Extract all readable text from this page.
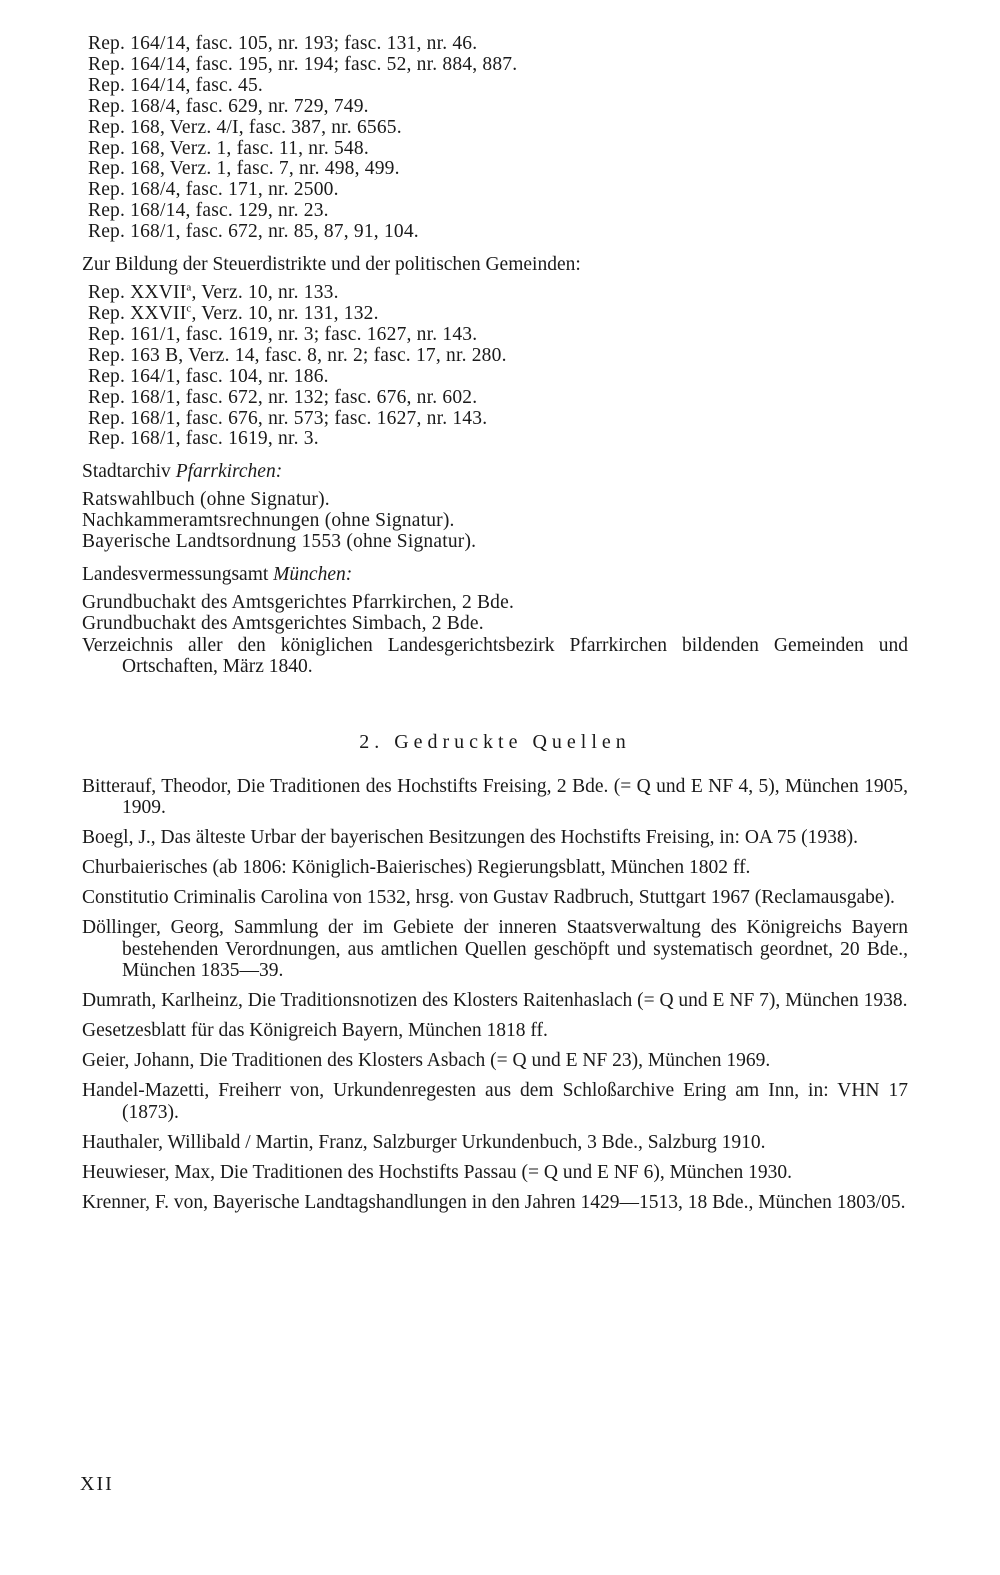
Rep. 164/14, fasc. 105, nr. 193; fasc. 131, nr. 46.
Rep. 164/14, fasc. 195, nr. 194; fasc. 52, nr. 884, 887.
Rep. 164/14, fasc. 45.
Rep. 168/4, fasc. 629, nr. 729, 749.
Rep. 168, Verz. 4/I, fasc. 387, nr. 6565.
Rep. 168, Verz. 1, fasc. 11, nr. 548.
Rep. 168, Verz. 1, fasc. 7, nr. 498, 499.
Rep. 168/4, fasc. 171, nr. 2500.
Rep. 168/14, fasc. 129, nr. 23.
Rep. 168/1, fasc. 672, nr. 85, 87, 91, 104.
Zur Bildung der Steuerdistrikte und der politischen Gemeinden:
Rep. XXVII$^a$, Verz. 10, nr. 133.
Rep. XXVII$^c$, Verz. 10, nr. 131, 132.
Rep. 161/1, fasc. 1619, nr. 3; fasc. 1627, nr. 143.
Rep. 163 B, Verz. 14, fasc. 8, nr. 2; fasc. 17, nr. 280.
Rep. 164/1, fasc. 104, nr. 186.
Rep. 168/1, fasc. 672, nr. 132; fasc. 676, nr. 602.
Rep. 168/1, fasc. 676, nr. 573; fasc. 1627, nr. 143.
Rep. 168/1, fasc. 1619, nr. 3.
Stadtarchiv Pfarrkirchen:
Ratswahlbuch (ohne Signatur).
Nachkammeramtsrechnungen (ohne Signatur).
Bayerische Landtsordnung 1553 (ohne Signatur).
Landesvermessungsamt München:
Grundbuchakt des Amtsgerichtes Pfarrkirchen, 2 Bde.
Grundbuchakt des Amtsgerichtes Simbach, 2 Bde.
Verzeichnis aller den königlichen Landesgerichtsbezirk Pfarrkirchen bildenden Gemeinden und Ortschaften, März 1840.
2. Gedruckte Quellen
Bitterauf, Theodor, Die Traditionen des Hochstifts Freising, 2 Bde. (= Q und E NF 4, 5), München 1905, 1909.
Boegl, J., Das älteste Urbar der bayerischen Besitzungen des Hochstifts Freising, in: OA 75 (1938).
Churbaierisches (ab 1806: Königlich-Baierisches) Regierungsblatt, München 1802 ff.
Constitutio Criminalis Carolina von 1532, hrsg. von Gustav Radbruch, Stuttgart 1967 (Reclamausgabe).
Döllinger, Georg, Sammlung der im Gebiete der inneren Staatsverwaltung des Königreichs Bayern bestehenden Verordnungen, aus amtlichen Quellen geschöpft und systematisch geordnet, 20 Bde., München 1835—39.
Dumrath, Karlheinz, Die Traditionsnotizen des Klosters Raitenhaslach (= Q und E NF 7), München 1938.
Gesetzesblatt für das Königreich Bayern, München 1818 ff.
Geier, Johann, Die Traditionen des Klosters Asbach (= Q und E NF 23), München 1969.
Handel-Mazetti, Freiherr von, Urkundenregesten aus dem Schloßarchive Ering am Inn, in: VHN 17 (1873).
Hauthaler, Willibald / Martin, Franz, Salzburger Urkundenbuch, 3 Bde., Salzburg 1910.
Heuwieser, Max, Die Traditionen des Hochstifts Passau (= Q und E NF 6), München 1930.
Krenner, F. von, Bayerische Landtagshandlungen in den Jahren 1429—1513, 18 Bde., München 1803/05.
XII
